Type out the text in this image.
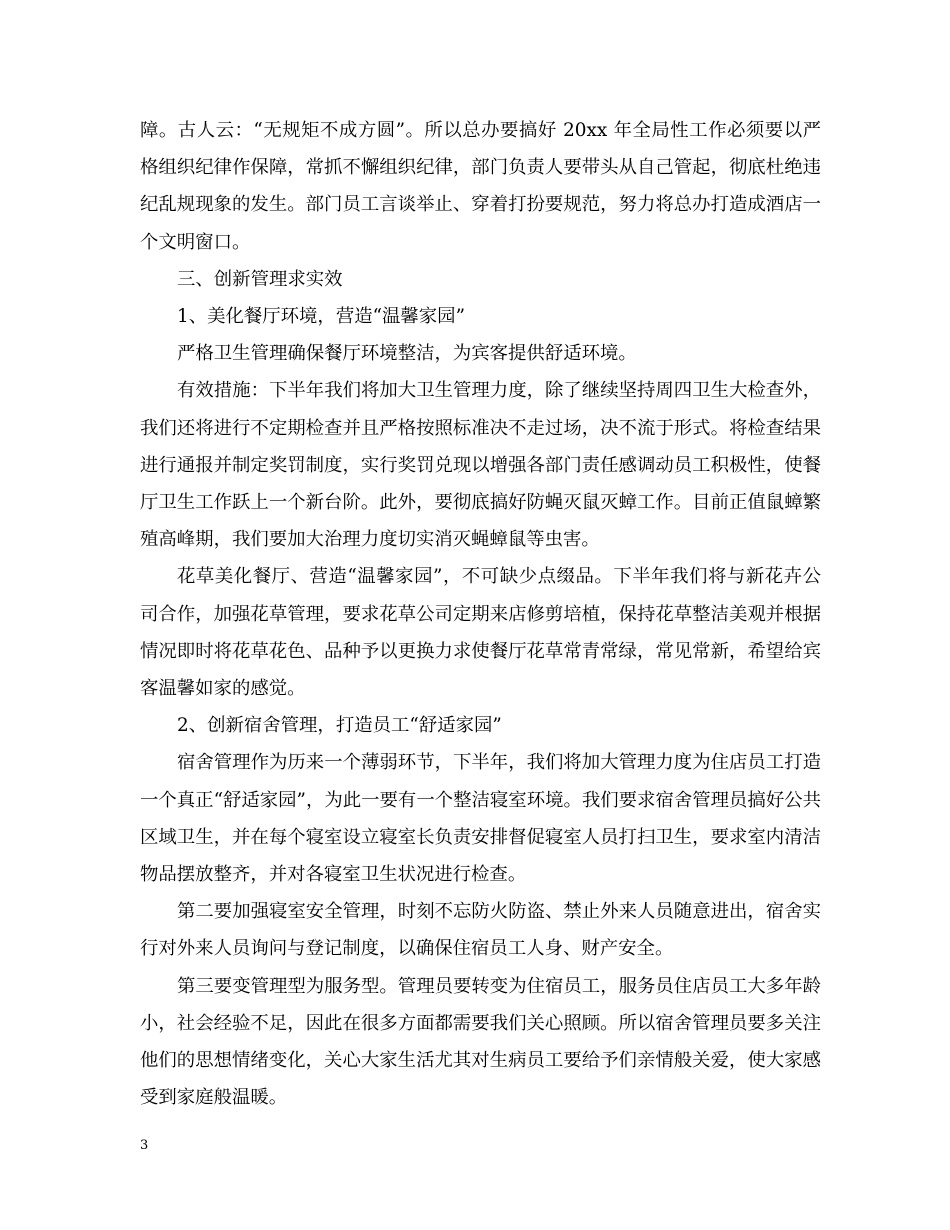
障。古人云：“无规矩不成方圆”。所以总办要搞好 20xx 年全局性工作必须要以严格组织纪律作保障，常抓不懈组织纪律，部门负责人要带头从自己管起，彻底杜绝违纪乱规现象的发生。部门员工言谈举止、穿着打扮要规范，努力将总办打造成酒店一个文明窗口。

三、创新管理求实效

1、美化餐厅环境，营造“温馨家园”

严格卫生管理确保餐厅环境整洁，为宾客提供舒适环境。

有效措施：下半年我们将加大卫生管理力度，除了继续坚持周四卫生大检查外，我们还将进行不定期检查并且严格按照标准决不走过场，决不流于形式。将检查结果进行通报并制定奖罚制度，实行奖罚兑现以增强各部门责任感调动员工积极性，使餐厅卫生工作跃上一个新台阶。此外，要彻底搞好防蝇灭鼠灭蟑工作。目前正值鼠蟑繁殖高峰期，我们要加大治理力度切实消灭蝇蟑鼠等虫害。

花草美化餐厅、营造“温馨家园”，不可缺少点缀品。下半年我们将与新花卉公司合作，加强花草管理，要求花草公司定期来店修剪培植，保持花草整洁美观并根据情况即时将花草花色、品种予以更换力求使餐厅花草常青常绿，常见常新，希望给宾客温馨如家的感觉。

2、创新宿舍管理，打造员工“舒适家园”

宿舍管理作为历来一个薄弱环节，下半年，我们将加大管理力度为住店员工打造一个真正“舒适家园”，为此一要有一个整洁寝室环境。我们要求宿舍管理员搞好公共区域卫生，并在每个寝室设立寝室长负责安排督促寝室人员打扫卫生，要求室内清洁物品摆放整齐，并对各寝室卫生状况进行检查。

第二要加强寝室安全管理，时刻不忘防火防盗、禁止外来人员随意进出，宿舍实行对外来人员询问与登记制度，以确保住宿员工人身、财产安全。

第三要变管理型为服务型。管理员要转变为住宿员工，服务员住店员工大多年龄小，社会经验不足，因此在很多方面都需要我们关心照顾。所以宿舍管理员要多关注他们的思想情绪变化，关心大家生活尤其对生病员工要给予们亲情般关爱，使大家感受到家庭般温暖。

3
